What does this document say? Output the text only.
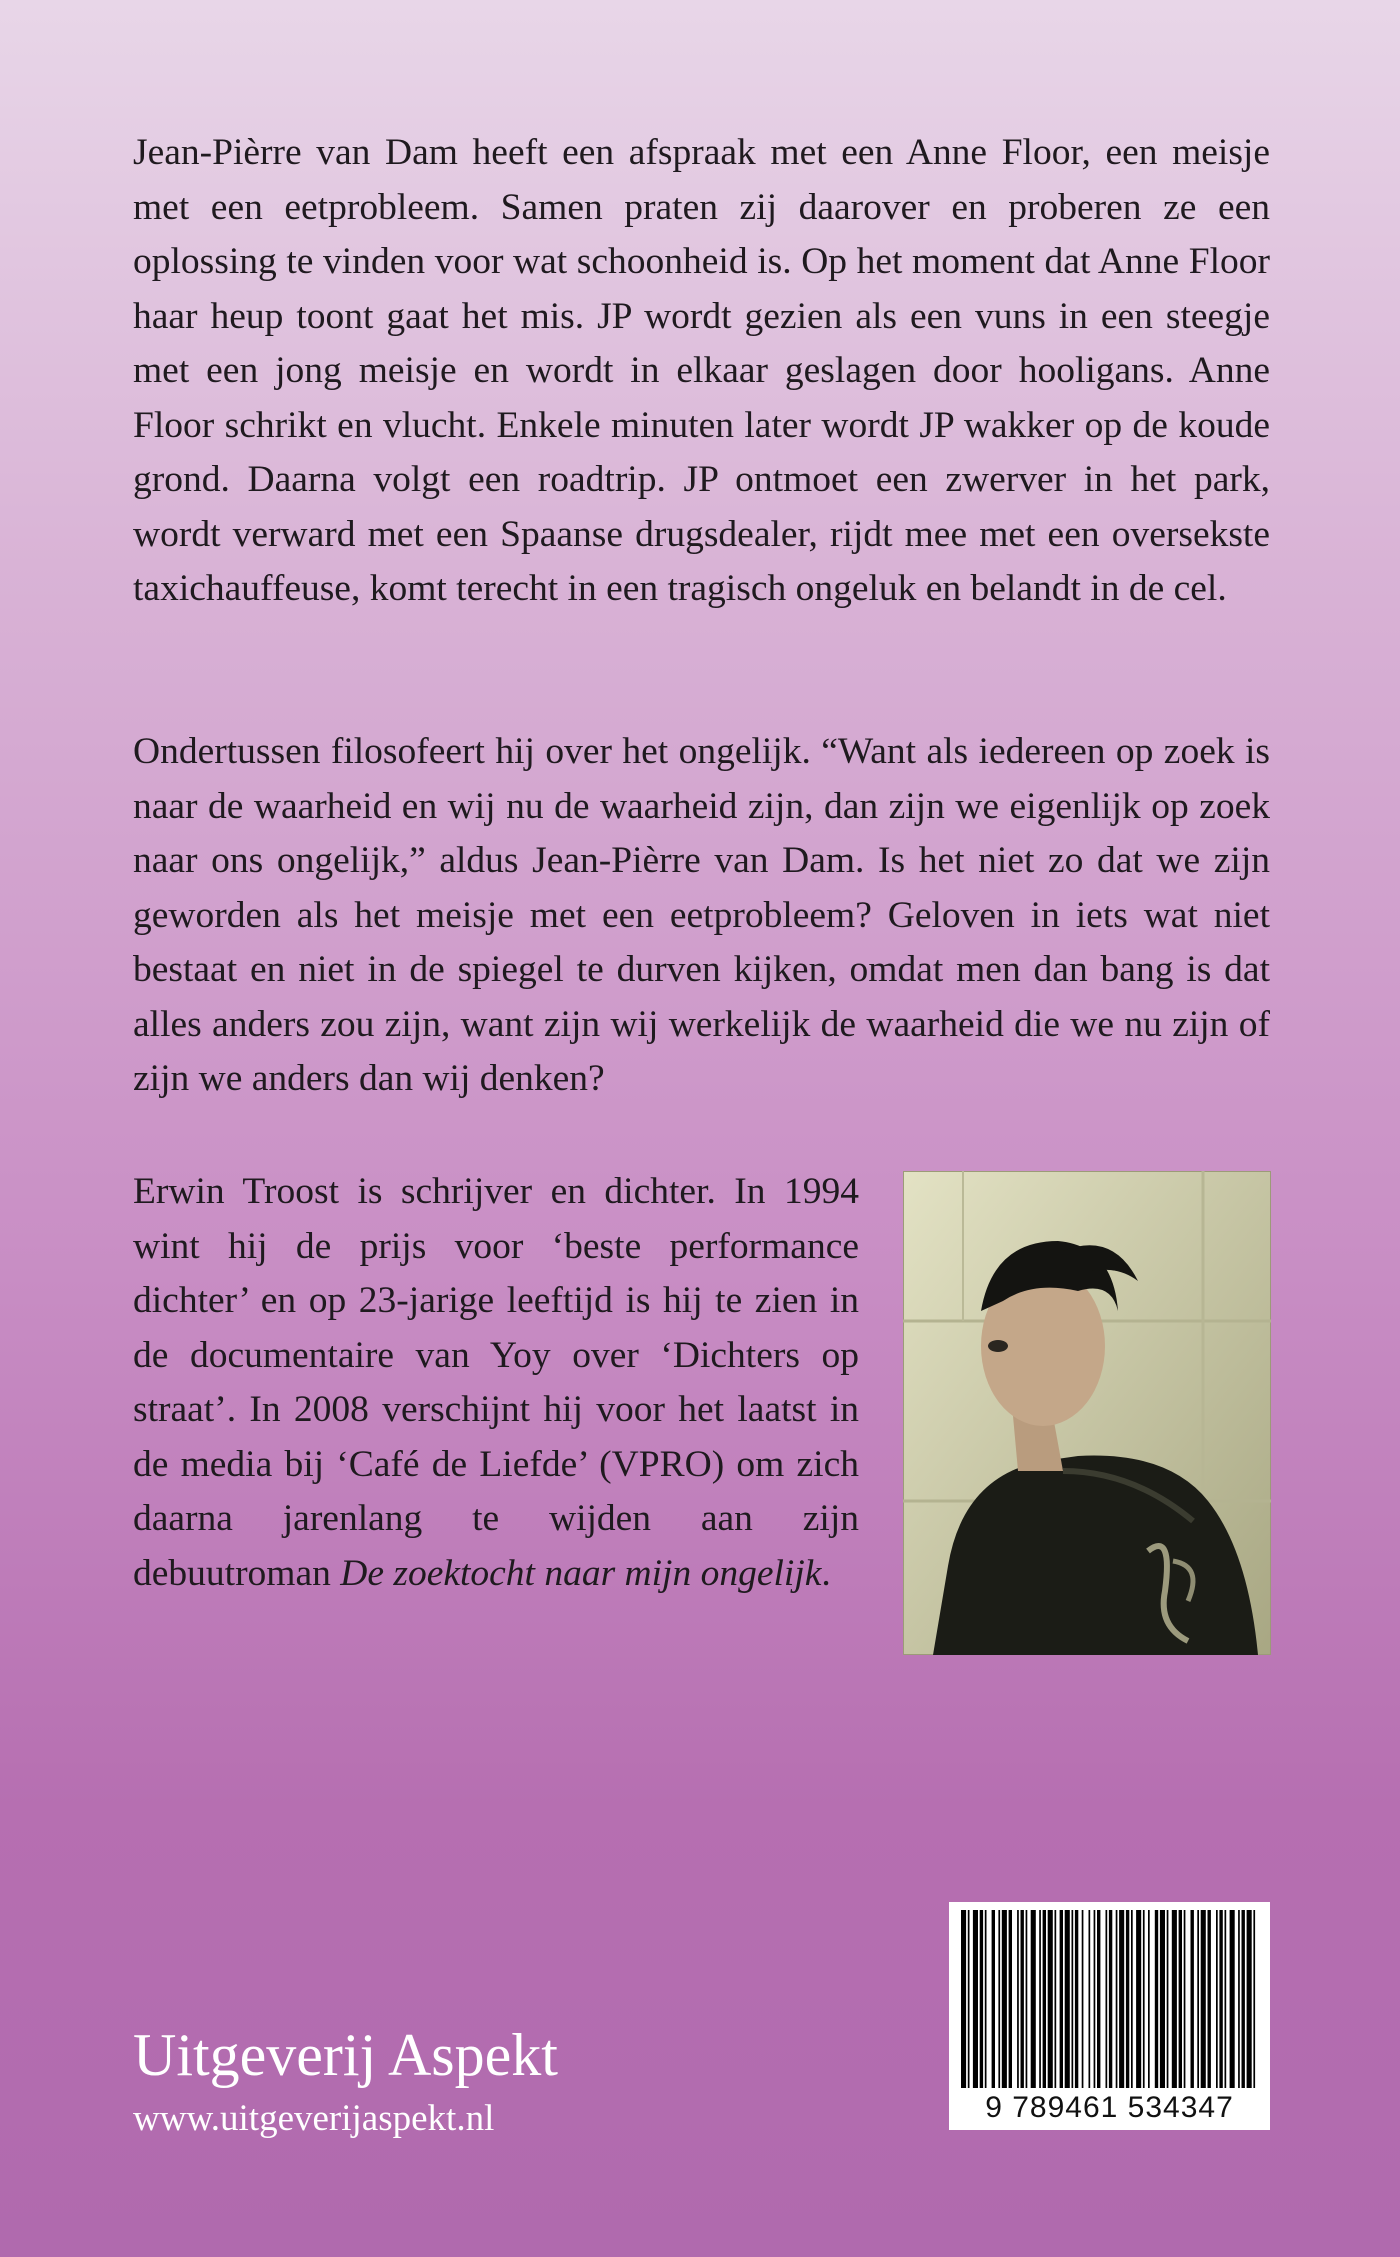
Jean-Pièrre van Dam heeft een afspraak met een Anne Floor, een meisje met een eetprobleem. Samen praten zij daarover en proberen ze een oplossing te vinden voor wat schoonheid is. Op het moment dat Anne Floor haar heup toont gaat het mis. JP wordt gezien als een vuns in een steegje met een jong meisje en wordt in elkaar geslagen door hooligans. Anne Floor schrikt en vlucht. Enkele minuten later wordt JP wakker op de koude grond. Daarna volgt een roadtrip. JP ontmoet een zwerver in het park, wordt verward met een Spaanse drugsdealer, rijdt mee met een oversekste taxichauffeuse, komt terecht in een tragisch ongeluk en belandt in de cel.

Ondertussen filosofeert hij over het ongelijk. “Want als iedereen op zoek is naar de waarheid en wij nu de waarheid zijn, dan zijn we eigenlijk op zoek naar ons ongelijk,” aldus Jean-Pièrre van Dam. Is het niet zo dat we zijn geworden als het meisje met een eetprobleem? Geloven in iets wat niet bestaat en niet in de spiegel te durven kijken, omdat men dan bang is dat alles anders zou zijn, want zijn wij werkelijk de waarheid die we nu zijn of zijn we anders dan wij denken?

Erwin Troost is schrijver en dichter. In 1994 wint hij de prijs voor ‘beste performance dichter’ en op 23-jarige leeftijd is hij te zien in de documentaire van Yoy over ‘Dichters op straat’. In 2008 verschijnt hij voor het laatst in de media bij ‘Café de Liefde’ (VPRO) om zich daarna jarenlang te wijden aan zijn debuutroman De zoektocht naar mijn ongelijk.

9 789461 534347

Uitgeverij Aspekt

www.uitgeverijaspekt.nl
